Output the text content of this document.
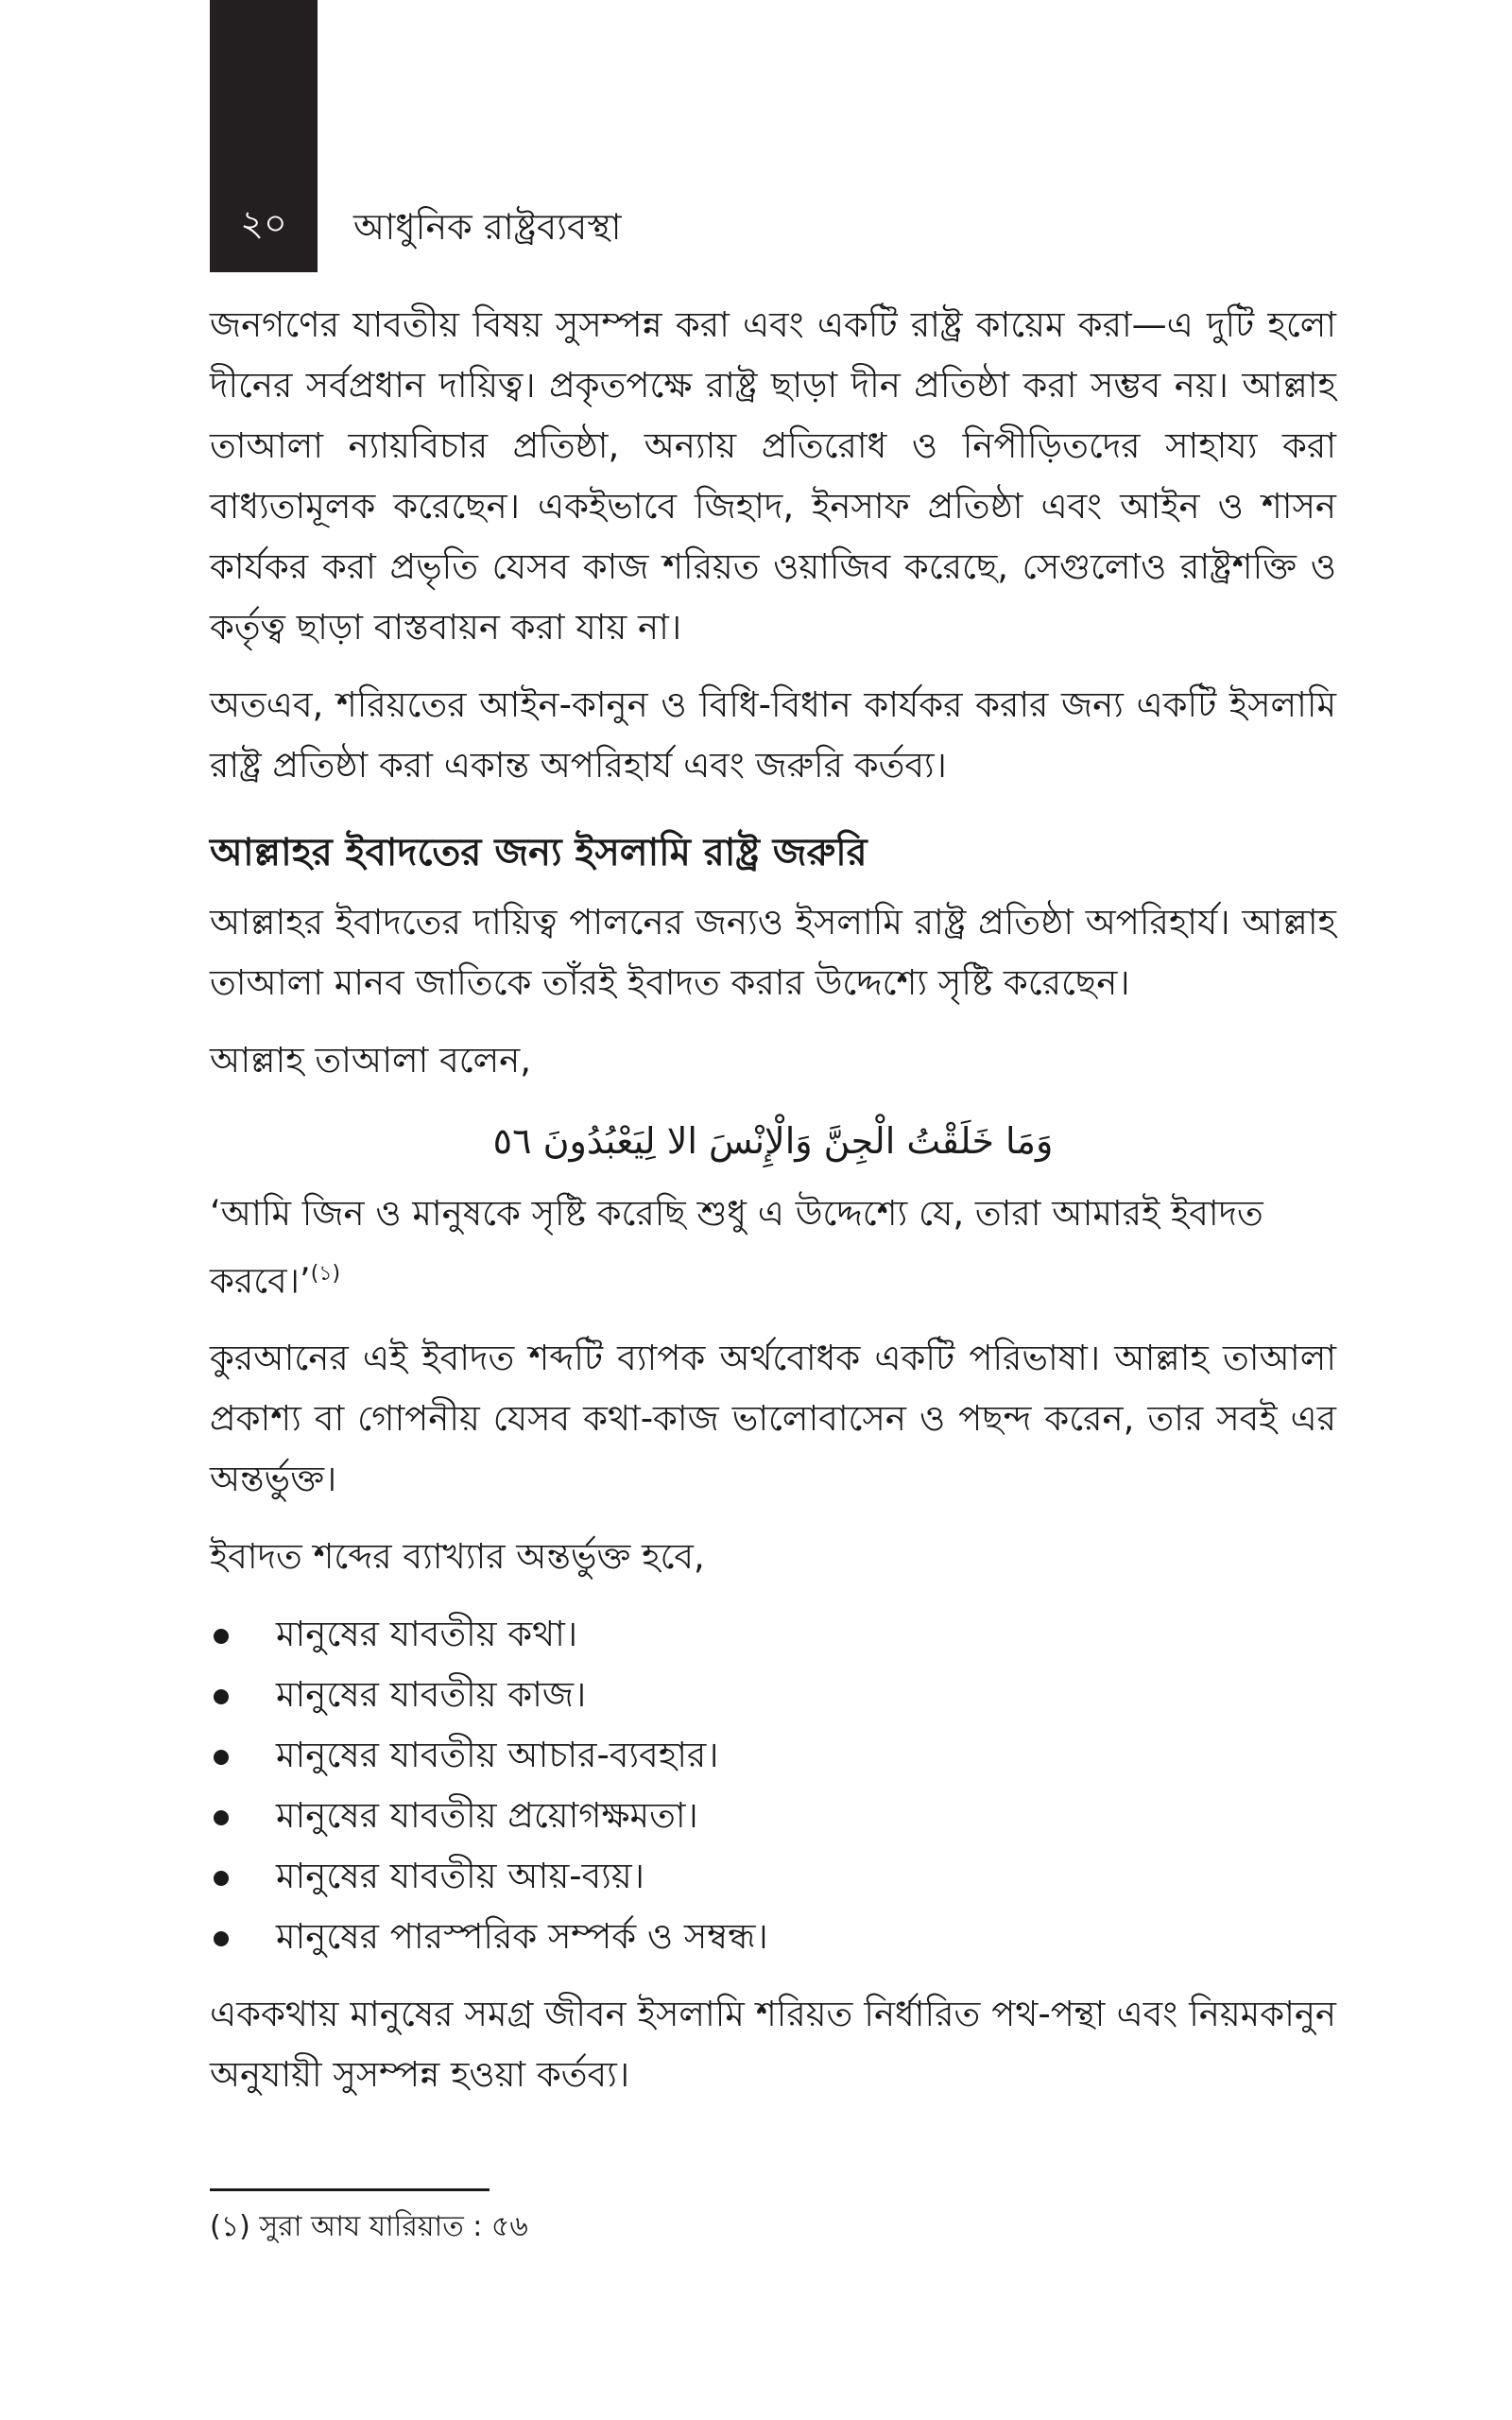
২০	আধুনিক রাষ্ট্রব্যবস্থা

জনগণের যাবতীয় বিষয় সুসম্পন্ন করা এবং একটি রাষ্ট্র কায়েম করা—এ দুটি হলো দীনের সর্বপ্রধান দায়িত্ব। প্রকৃতপক্ষে রাষ্ট্র ছাড়া দীন প্রতিষ্ঠা করা সম্ভব নয়। আল্লাহ তাআলা ন্যায়বিচার প্রতিষ্ঠা, অন্যায় প্রতিরোধ ও নিপীড়িতদের সাহায্য করা বাধ্যতামূলক করেছেন। একইভাবে জিহাদ, ইনসাফ প্রতিষ্ঠা এবং আইন ও শাসন কার্যকর করা প্রভৃতি যেসব কাজ শরিয়ত ওয়াজিব করেছে, সেগুলোও রাষ্ট্রশক্তি ও কর্তৃত্ব ছাড়া বাস্তবায়ন করা যায় না।

অতএব, শরিয়তের আইন-কানুন ও বিধি-বিধান কার্যকর করার জন্য একটি ইসলামি রাষ্ট্র প্রতিষ্ঠা করা একান্ত অপরিহার্য এবং জরুরি কর্তব্য।

আল্লাহর ইবাদতের জন্য ইসলামি রাষ্ট্র জরুরি

আল্লাহর ইবাদতের দায়িত্ব পালনের জন্যও ইসলামি রাষ্ট্র প্রতিষ্ঠা অপরিহার্য। আল্লাহ তাআলা মানব জাতিকে তাঁরই ইবাদত করার উদ্দেশ্যে সৃষ্টি করেছেন।

আল্লাহ তাআলা বলেন,

وَمَا خَلَقْتُ الْجِنَّ وَالْإِنْسَ الا لِيَعْبُدُونَ ٥٦

‘আমি জিন ও মানুষকে সৃষ্টি করেছি শুধু এ উদ্দেশ্যে যে, তারা আমারই ইবাদত করবে।’$^{(১)}$

কুরআনের এই ইবাদত শব্দটি ব্যাপক অর্থবোধক একটি পরিভাষা। আল্লাহ তাআলা প্রকাশ্য বা গোপনীয় যেসব কথা-কাজ ভালোবাসেন ও পছন্দ করেন, তার সবই এর অন্তর্ভুক্ত।

ইবাদত শব্দের ব্যাখ্যার অন্তর্ভুক্ত হবে,

মানুষের যাবতীয় কথা।
মানুষের যাবতীয় কাজ।
মানুষের যাবতীয় আচার-ব্যবহার।
মানুষের যাবতীয় প্রয়োগক্ষমতা।
মানুষের যাবতীয় আয়-ব্যয়।
মানুষের পারস্পরিক সম্পর্ক ও সম্বন্ধ।

এককথায় মানুষের সমগ্র জীবন ইসলামি শরিয়ত নির্ধারিত পথ-পন্থা এবং নিয়মকানুন অনুযায়ী সুসম্পন্ন হওয়া কর্তব্য।

(১) সুরা আয যারিয়াত : ৫৬
